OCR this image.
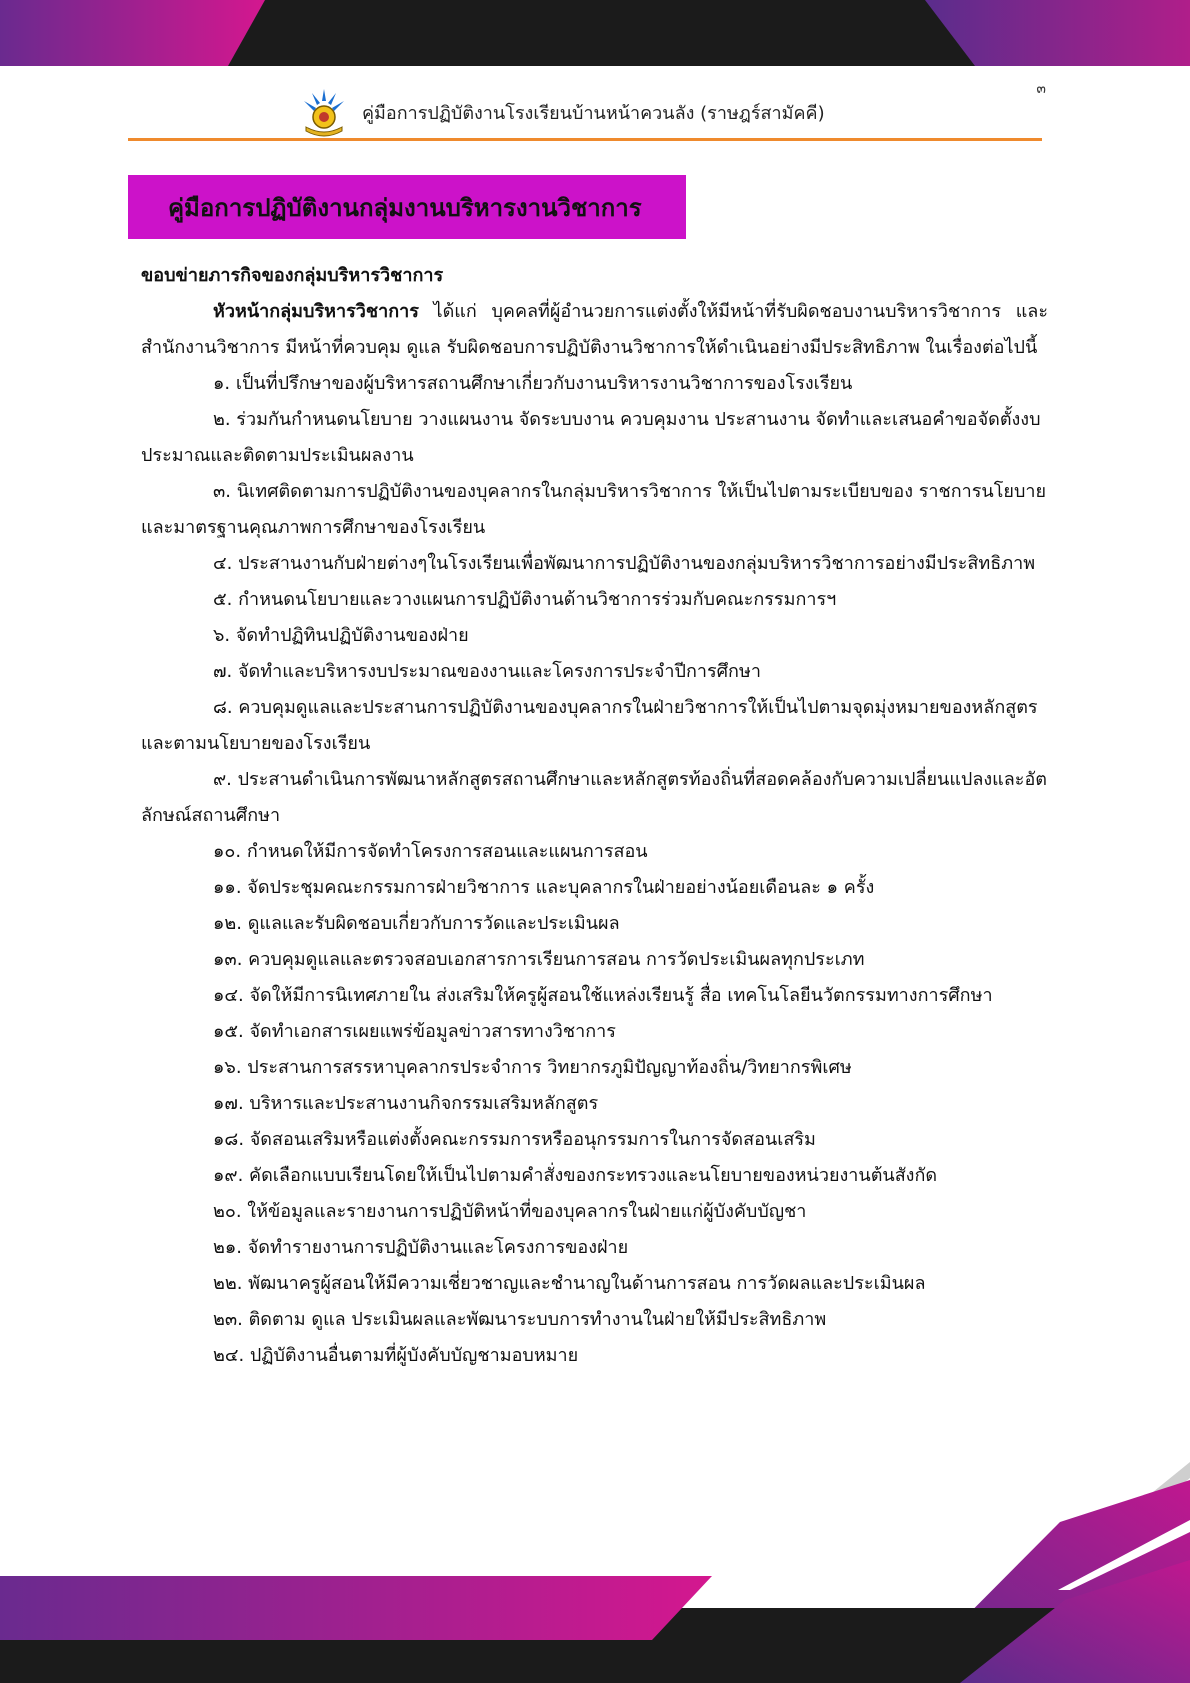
๓
คู่มือการปฏิบัติงานโรงเรียนบ้านหน้าควนลัง (ราษฎร์สามัคคี)
คู่มือการปฏิบัติงานกลุ่มงานบริหารงานวิชาการ

ขอบข่ายภารกิจของกลุ่มบริหารวิชาการ

หัวหน้ากลุ่มบริหารวิชาการ ได้แก่ บุคคลที่ผู้อำนวยการแต่งตั้งให้มีหน้าที่รับผิดชอบงานบริหารวิชาการ และสำนักงานวิชาการ มีหน้าที่ควบคุม ดูแล รับผิดชอบการปฏิบัติงานวิชาการให้ดำเนินอย่างมีประสิทธิภาพ ในเรื่องต่อไปนี้

๑. เป็นที่ปรึกษาของผู้บริหารสถานศึกษาเกี่ยวกับงานบริหารงานวิชาการของโรงเรียน

๒. ร่วมกันกำหนดนโยบาย วางแผนงาน จัดระบบงาน ควบคุมงาน ประสานงาน จัดทำและเสนอคำขอจัดตั้งงบประมาณและติดตามประเมินผลงาน

๓. นิเทศติดตามการปฏิบัติงานของบุคลากรในกลุ่มบริหารวิชาการ ให้เป็นไปตามระเบียบของ ราชการนโยบายและมาตรฐานคุณภาพการศึกษาของโรงเรียน

๔. ประสานงานกับฝ่ายต่างๆในโรงเรียนเพื่อพัฒนาการปฏิบัติงานของกลุ่มบริหารวิชาการอย่างมีประสิทธิภาพ

๕. กำหนดนโยบายและวางแผนการปฏิบัติงานด้านวิชาการร่วมกับคณะกรรมการฯ

๖. จัดทำปฏิทินปฏิบัติงานของฝ่าย

๗. จัดทำและบริหารงบประมาณของงานและโครงการประจำปีการศึกษา

๘. ควบคุมดูแลและประสานการปฏิบัติงานของบุคลากรในฝ่ายวิชาการให้เป็นไปตามจุดมุ่งหมายของหลักสูตรและตามนโยบายของโรงเรียน

๙. ประสานดำเนินการพัฒนาหลักสูตรสถานศึกษาและหลักสูตรท้องถิ่นที่สอดคล้องกับความเปลี่ยนแปลงและอัตลักษณ์สถานศึกษา

๑๐. กำหนดให้มีการจัดทำโครงการสอนและแผนการสอน

๑๑. จัดประชุมคณะกรรมการฝ่ายวิชาการ และบุคลากรในฝ่ายอย่างน้อยเดือนละ ๑ ครั้ง

๑๒. ดูแลและรับผิดชอบเกี่ยวกับการวัดและประเมินผล

๑๓. ควบคุมดูแลและตรวจสอบเอกสารการเรียนการสอน การวัดประเมินผลทุกประเภท

๑๔. จัดให้มีการนิเทศภายใน ส่งเสริมให้ครูผู้สอนใช้แหล่งเรียนรู้ สื่อ เทคโนโลยีนวัตกรรมทางการศึกษา

๑๕. จัดทำเอกสารเผยแพร่ข้อมูลข่าวสารทางวิชาการ

๑๖. ประสานการสรรหาบุคลากรประจำการ วิทยากรภูมิปัญญาท้องถิ่น/วิทยากรพิเศษ

๑๗. บริหารและประสานงานกิจกรรมเสริมหลักสูตร

๑๘. จัดสอนเสริมหรือแต่งตั้งคณะกรรมการหรืออนุกรรมการในการจัดสอนเสริม

๑๙. คัดเลือกแบบเรียนโดยให้เป็นไปตามคำสั่งของกระทรวงและนโยบายของหน่วยงานต้นสังกัด

๒๐. ให้ข้อมูลและรายงานการปฏิบัติหน้าที่ของบุคลากรในฝ่ายแก่ผู้บังคับบัญชา

๒๑. จัดทำรายงานการปฏิบัติงานและโครงการของฝ่าย

๒๒. พัฒนาครูผู้สอนให้มีความเชี่ยวชาญและชำนาญในด้านการสอน การวัดผลและประเมินผล

๒๓. ติดตาม ดูแล ประเมินผลและพัฒนาระบบการทำงานในฝ่ายให้มีประสิทธิภาพ

๒๔. ปฏิบัติงานอื่นตามที่ผู้บังคับบัญชามอบหมาย
